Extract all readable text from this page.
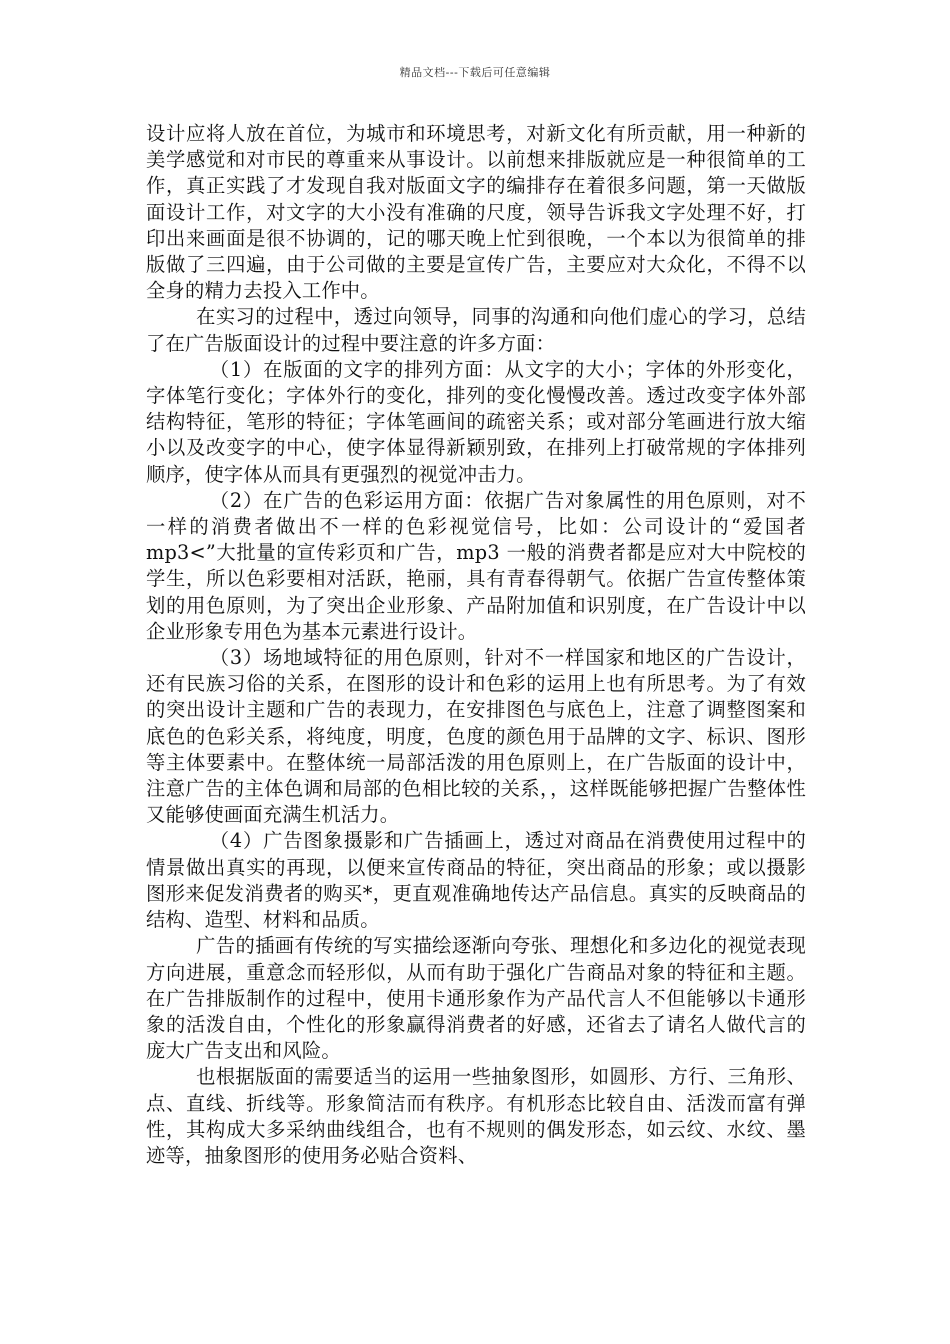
精品文档---下载后可任意编辑

设计应将人放在首位，为城市和环境思考，对新文化有所贡献，用一种新的美学感觉和对市民的尊重来从事设计。以前想来排版就应是一种很简单的工作，真正实践了才发现自我对版面文字的编排存在着很多问题，第一天做版面设计工作，对文字的大小没有准确的尺度，领导告诉我文字处理不好，打印出来画面是很不协调的，记的哪天晚上忙到很晚，一个本以为很简单的排版做了三四遍，由于公司做的主要是宣传广告，主要应对大众化，不得不以全身的精力去投入工作中。

在实习的过程中，透过向领导，同事的沟通和向他们虚心的学习，总结了在广告版面设计的过程中要注意的许多方面：

（1）在版面的文字的排列方面：从文字的大小；字体的外形变化，字体笔行变化；字体外行的变化，排列的变化慢慢改善。透过改变字体外部结构特征，笔形的特征；字体笔画间的疏密关系；或对部分笔画进行放大缩小以及改变字的中心，使字体显得新颖别致，在排列上打破常规的字体排列顺序，使字体从而具有更强烈的视觉冲击力。

（2）在广告的色彩运用方面：依据广告对象属性的用色原则，对不一样的消费者做出不一样的色彩视觉信号，比如：公司设计的“爱国者 mp3<”大批量的宣传彩页和广告，mp3 一般的消费者都是应对大中院校的学生，所以色彩要相对活跃，艳丽，具有青春得朝气。依据广告宣传整体策划的用色原则，为了突出企业形象、产品附加值和识别度，在广告设计中以企业形象专用色为基本元素进行设计。

（3）场地域特征的用色原则，针对不一样国家和地区的广告设计，还有民族习俗的关系，在图形的设计和色彩的运用上也有所思考。为了有效的突出设计主题和广告的表现力，在安排图色与底色上，注意了调整图案和底色的色彩关系，将纯度，明度，色度的颜色用于品牌的文字、标识、图形等主体要素中。在整体统一局部活泼的用色原则上，在广告版面的设计中，注意广告的主体色调和局部的色相比较的关系，，这样既能够把握广告整体性又能够使画面充满生机活力。

（4）广告图象摄影和广告插画上，透过对商品在消费使用过程中的情景做出真实的再现，以便来宣传商品的特征，突出商品的形象；或以摄影图形来促发消费者的购买*，更直观准确地传达产品信息。真实的反映商品的结构、造型、材料和品质。

广告的插画有传统的写实描绘逐渐向夸张、理想化和多边化的视觉表现方向进展，重意念而轻形似，从而有助于强化广告商品对象的特征和主题。在广告排版制作的过程中，使用卡通形象作为产品代言人不但能够以卡通形象的活泼自由，个性化的形象赢得消费者的好感，还省去了请名人做代言的庞大广告支出和风险。

也根据版面的需要适当的运用一些抽象图形，如圆形、方行、三角形、点、直线、折线等。形象简洁而有秩序。有机形态比较自由、活泼而富有弹性，其构成大多采纳曲线组合，也有不规则的偶发形态，如云纹、水纹、墨迹等，抽象图形的使用务必贴合资料、
